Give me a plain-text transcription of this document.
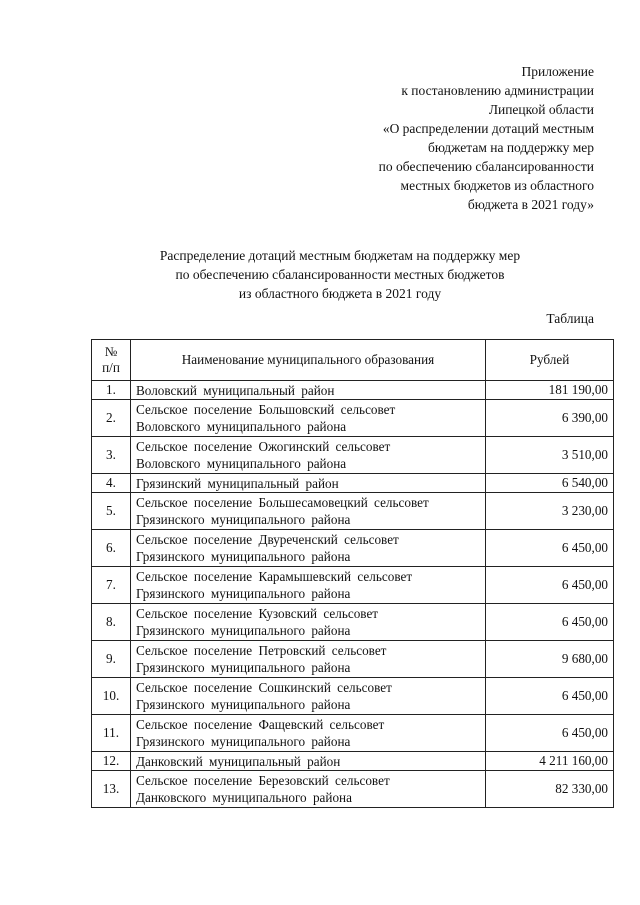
Приложение
к постановлению администрации
Липецкой области
«О распределении дотаций местным
бюджетам на поддержку мер
по обеспечению сбалансированности
местных бюджетов из областного
бюджета в 2021 году»
Распределение дотаций местным бюджетам на поддержку мер
по обеспечению сбалансированности местных бюджетов
из областного бюджета в 2021 году
Таблица
№
п/п	Наименование муниципального образования	Рублей
1.	Воловский муниципальный район	181 190,00
2.	Сельское поселение Большовский сельсовет
Воловского муниципального района	6 390,00
3.	Сельское поселение Ожогинский сельсовет
Воловского муниципального района	3 510,00
4.	Грязинский муниципальный район	6 540,00
5.	Сельское поселение Большесамовецкий сельсовет
Грязинского муниципального района	3 230,00
6.	Сельское поселение Двуреченский сельсовет
Грязинского муниципального района	6 450,00
7.	Сельское поселение Карамышевский сельсовет
Грязинского муниципального района	6 450,00
8.	Сельское поселение Кузовский сельсовет
Грязинского муниципального района	6 450,00
9.	Сельское поселение Петровский сельсовет
Грязинского муниципального района	9 680,00
10.	Сельское поселение Сошкинский сельсовет
Грязинского муниципального района	6 450,00
11.	Сельское поселение Фащевский сельсовет
Грязинского муниципального района	6 450,00
12.	Данковский муниципальный район	4 211 160,00
13.	Сельское поселение Березовский сельсовет
Данковского муниципального района	82 330,00
